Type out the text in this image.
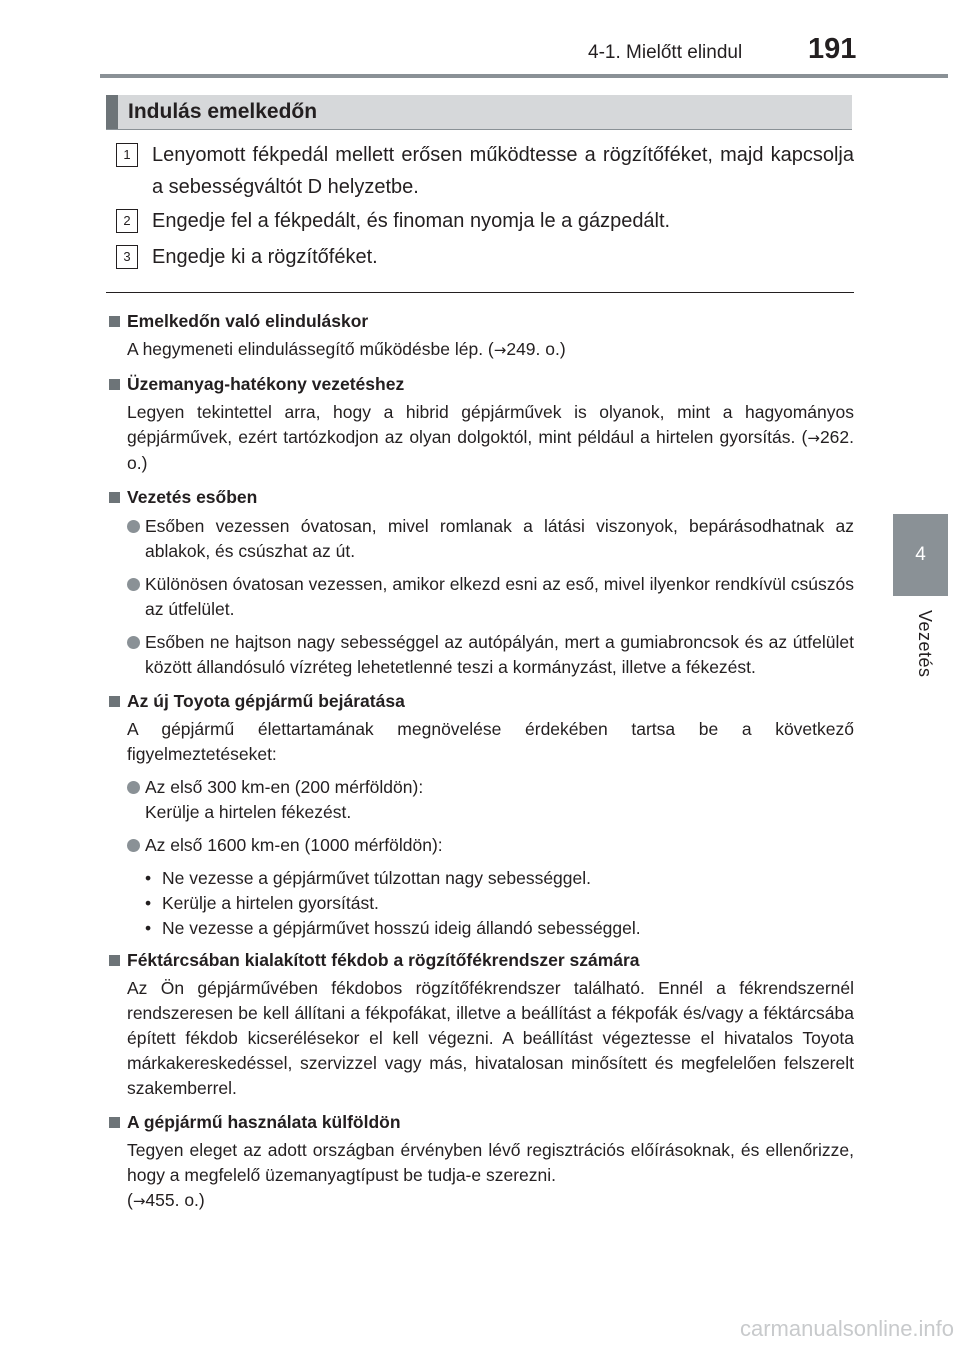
4-1. Mielőtt elindul 191
4
Vezetés
Indulás emelkedőn
1	Lenyomott fékpedál mellett erősen működtesse a rögzítőféket, majd kapcsolja a sebességváltót D helyzetbe.
2	Engedje fel a fékpedált, és finoman nyomja le a gázpedált.
3	Engedje ki a rögzítőféket.
Emelkedőn való elinduláskor
A hegymeneti elindulássegítő működésbe lép. (→249. o.)
Üzemanyag-hatékony vezetéshez
Legyen tekintettel arra, hogy a hibrid gépjárművek is olyanok, mint a hagyományos gépjárművek, ezért tartózkodjon az olyan dolgoktól, mint például a hirtelen gyorsítás. (→262. o.)
Vezetés esőben
Esőben vezessen óvatosan, mivel romlanak a látási viszonyok, bepárásodhatnak az ablakok, és csúszhat az út.
Különösen óvatosan vezessen, amikor elkezd esni az eső, mivel ilyenkor rendkívül csúszós az útfelület.
Esőben ne hajtson nagy sebességgel az autópályán, mert a gumiabroncsok és az útfelület között állandósuló vízréteg lehetetlenné teszi a kormányzást, illetve a fékezést.
Az új Toyota gépjármű bejáratása
A gépjármű élettartamának megnövelése érdekében tartsa be a következő figyelmeztetéseket:
Az első 300 km-en (200 mérföldön):
Kerülje a hirtelen fékezést.
Az első 1600 km-en (1000 mérföldön):
• Ne vezesse a gépjárművet túlzottan nagy sebességgel.
• Kerülje a hirtelen gyorsítást.
• Ne vezesse a gépjárművet hosszú ideig állandó sebességgel.
Féktárcsában kialakított fékdob a rögzítőfékrendszer számára
Az Ön gépjárművében fékdobos rögzítőfékrendszer található. Ennél a fékrendszernél rendszeresen be kell állítani a fékpofákat, illetve a beállítást a fékpofák és/vagy a féktárcsába épített fékdob kicserélésekor el kell végezni. A beállítást végeztesse el hivatalos Toyota márkakereskedéssel, szervizzel vagy más, hivatalosan minősített és megfelelően felszerelt szakemberrel.
A gépjármű használata külföldön
Tegyen eleget az adott országban érvényben lévő regisztrációs előírásoknak, és ellenőrizze, hogy a megfelelő üzemanyagtípust be tudja-e szerezni.
(→455. o.)
carmanualsonline.info
